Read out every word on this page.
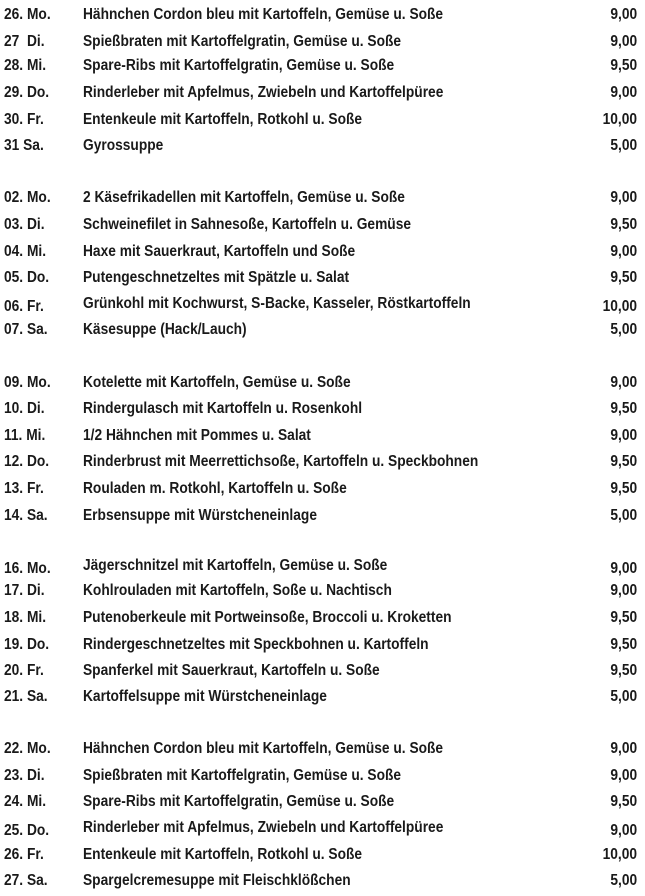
26. Mo. Hähnchen Cordon bleu mit Kartoffeln, Gemüse u. Soße	9,00
27  Di. Spießbraten mit Kartoffelgratin, Gemüse u. Soße	9,00
28. Mi. Spare-Ribs mit Kartoffelgratin, Gemüse u. Soße	9,50
29. Do. Rinderleber mit Apfelmus, Zwiebeln und Kartoffelpüree	9,00
30. Fr. Entenkeule mit Kartoffeln, Rotkohl u. Soße	10,00
31 Sa. Gyrossuppe	5,00
02. Mo. 2 Käsefrikadellen mit Kartoffeln, Gemüse u. Soße	9,00
03. Di. Schweinefilet in Sahnesoße, Kartoffeln u. Gemüse	9,50
04. Mi. Haxe mit Sauerkraut, Kartoffeln und Soße	9,00
05. Do. Putengeschnetzeltes mit Spätzle u. Salat	9,50
06. Fr. Grünkohl mit Kochwurst, S-Backe, Kasseler, Röstkartoffeln	10,00
07. Sa. Käsesuppe (Hack/Lauch)	5,00
09. Mo. Kotelette mit Kartoffeln, Gemüse u. Soße	9,00
10. Di. Rindergulasch mit Kartoffeln u. Rosenkohl	9,50
11. Mi. 1/2 Hähnchen mit Pommes u. Salat	9,00
12. Do. Rinderbrust mit Meerrettichsoße, Kartoffeln u. Speckbohnen	9,50
13. Fr. Rouladen m. Rotkohl, Kartoffeln u. Soße	9,50
14. Sa. Erbsensuppe mit Würstcheneinlage	5,00
16. Mo. Jägerschnitzel mit Kartoffeln, Gemüse u. Soße	9,00
17. Di. Kohlrouladen mit Kartoffeln, Soße u. Nachtisch	9,00
18. Mi. Putenoberkeule mit Portweinsoße, Broccoli u. Kroketten	9,50
19. Do. Rindergeschnetzeltes mit Speckbohnen u. Kartoffeln	9,50
20. Fr. Spanferkel mit Sauerkraut, Kartoffeln u. Soße	9,50
21. Sa. Kartoffelsuppe mit Würstcheneinlage	5,00
22. Mo. Hähnchen Cordon bleu mit Kartoffeln, Gemüse u. Soße	9,00
23. Di. Spießbraten mit Kartoffelgratin, Gemüse u. Soße	9,00
24. Mi. Spare-Ribs mit Kartoffelgratin, Gemüse u. Soße	9,50
25. Do. Rinderleber mit Apfelmus, Zwiebeln und Kartoffelpüree	9,00
26. Fr. Entenkeule mit Kartoffeln, Rotkohl u. Soße	10,00
27. Sa. Spargelcremesuppe mit Fleischklößchen	5,00
